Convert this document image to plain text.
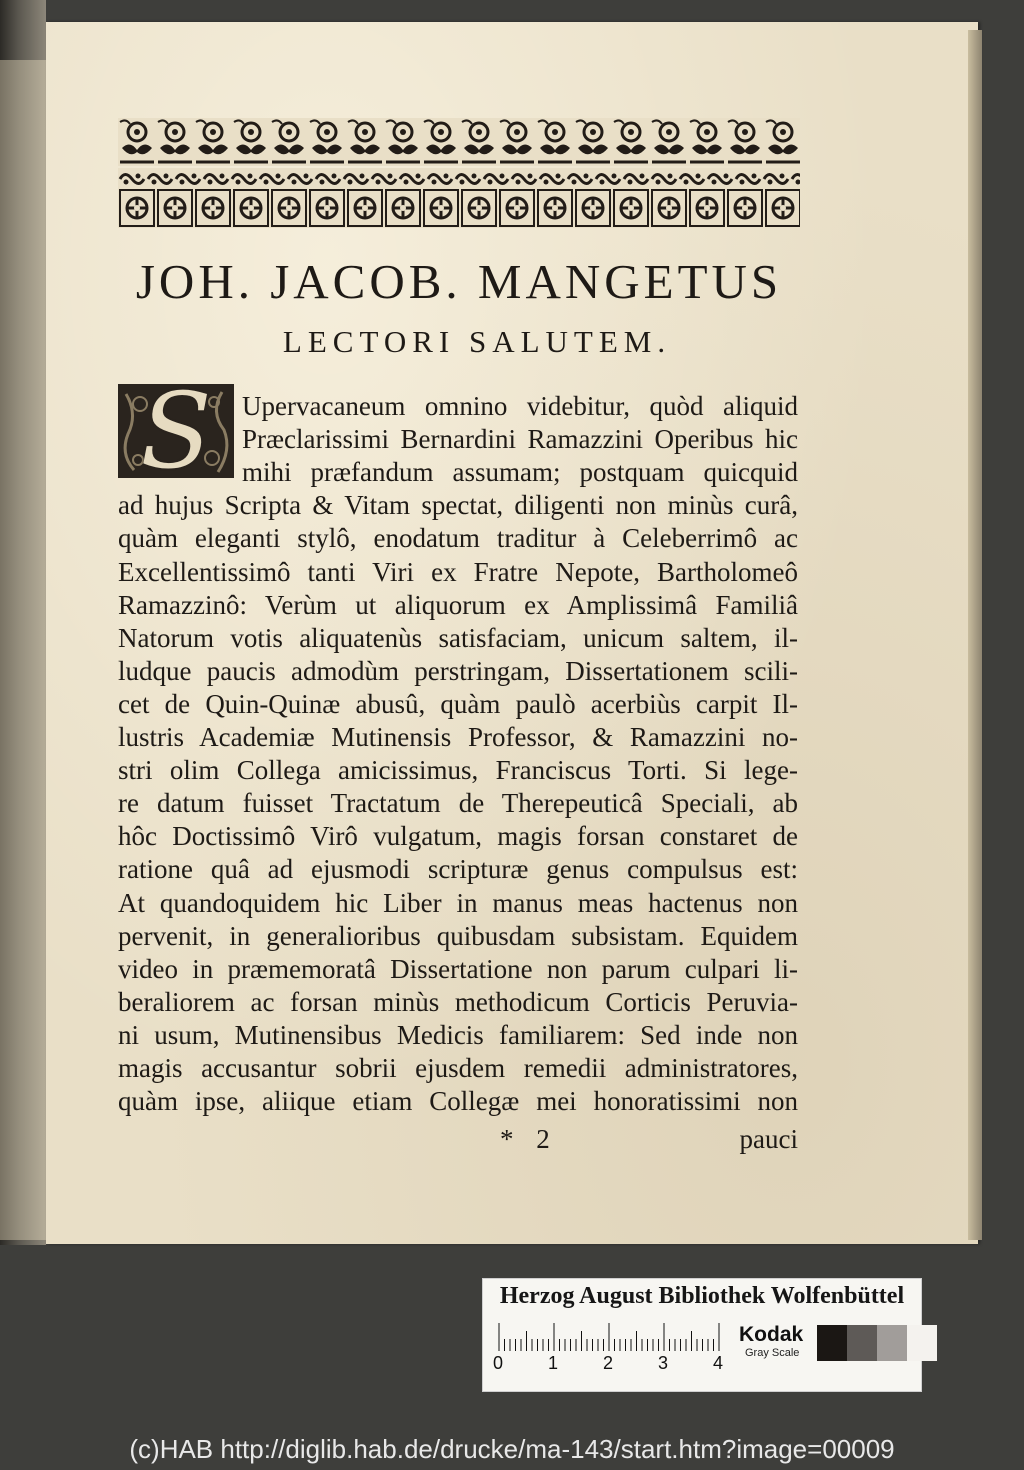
JOH. JACOB. MANGETUS
LECTORI SALUTEM.
S	Upervacaneum omnino videbitur, quòd aliquid
Præclarissimi Bernardini Ramazzini Operibus hic
mihi præfandum assumam; postquam quicquid
ad hujus Scripta & Vitam spectat, diligenti non minùs curâ,
quàm eleganti stylô, enodatum traditur à Celeberrimô ac
Excellentissimô tanti Viri ex Fratre Nepote, Bartholomeô
Ramazzinô: Verùm ut aliquorum ex Amplissimâ Familiâ
Natorum votis aliquatenùs satisfaciam, unicum saltem, il-
ludque paucis admodùm perstringam, Dissertationem scili-
cet de Quin-Quinæ abusû, quàm paulò acerbiùs carpit Il-
lustris Academiæ Mutinensis Professor, & Ramazzini no-
stri olim Collega amicissimus, Franciscus Torti. Si lege-
re datum fuisset Tractatum de Therepeuticâ Speciali, ab
hôc Doctissimô Virô vulgatum, magis forsan constaret de
ratione quâ ad ejusmodi scripturæ genus compulsus est:
At quandoquidem hic Liber in manus meas hactenus non
pervenit, in generalioribus quibusdam subsistam. Equidem
video in præmemoratâ Dissertatione non parum culpari li-
beraliorem ac forsan minùs methodicum Corticis Peruvia-
ni usum, Mutinensibus Medicis familiarem: Sed inde non
magis accusantur sobrii ejusdem remedii administratores,
quàm ipse, aliique etiam Collegæ mei honoratissimi non
* 2	pauci
Herzog August Bibliothek Wolfenbüttel
0 1 2 3 4
Kodak
Gray Scale
(c)HAB http://diglib.hab.de/drucke/ma-143/start.htm?image=00009
